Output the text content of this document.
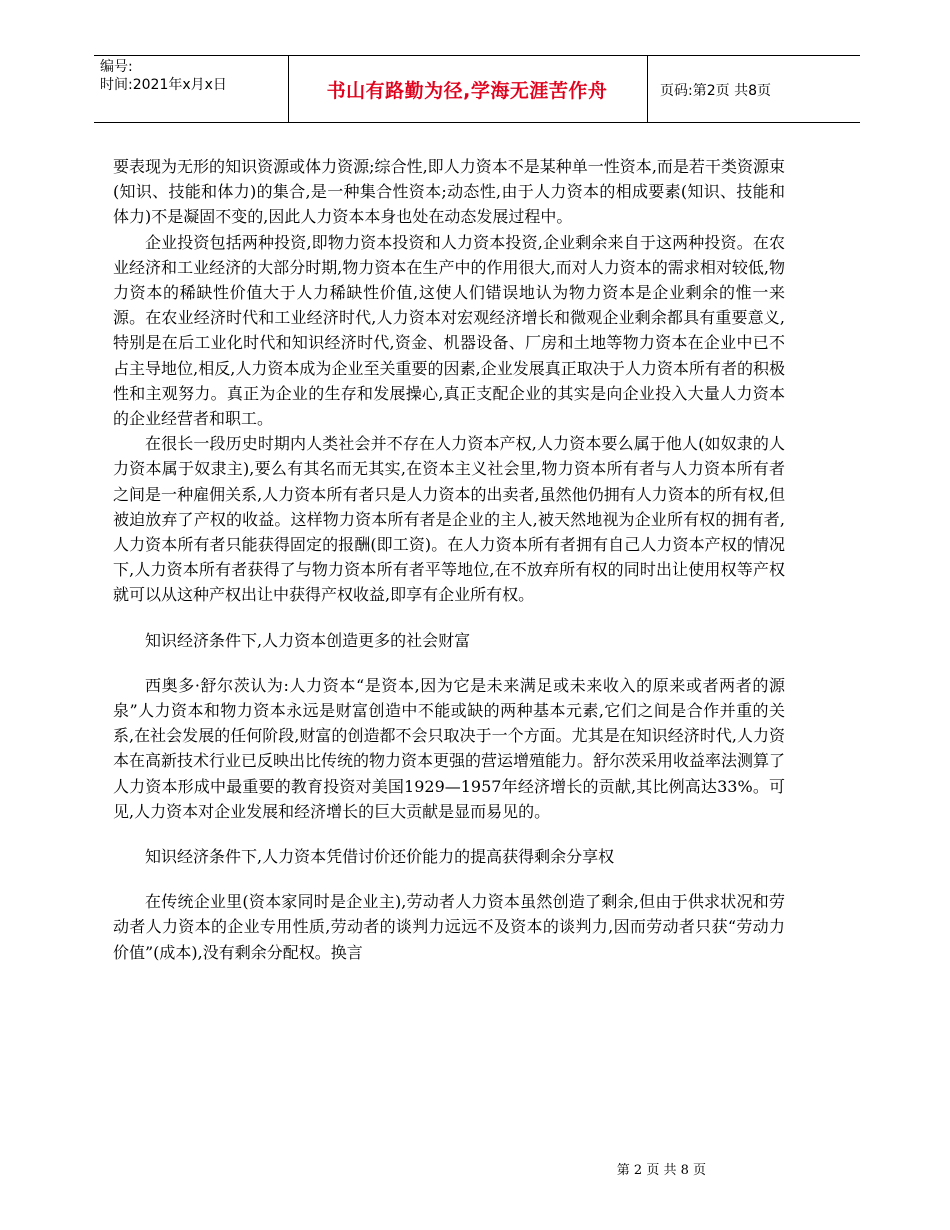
编号:
时间:2021年x月x日	书山有路勤为径,学海无涯苦作舟	页码:第2页 共8页

要表现为无形的知识资源或体力资源;综合性,即人力资本不是某种单一性资本,而是若干类资源束(知识、技能和体力)的集合,是一种集合性资本;动态性,由于人力资本的相成要素(知识、技能和体力)不是凝固不变的,因此人力资本本身也处在动态发展过程中。

企业投资包括两种投资,即物力资本投资和人力资本投资,企业剩余来自于这两种投资。在农业经济和工业经济的大部分时期,物力资本在生产中的作用很大,而对人力资本的需求相对较低,物力资本的稀缺性价值大于人力稀缺性价值,这使人们错误地认为物力资本是企业剩余的惟一来源。在农业经济时代和工业经济时代,人力资本对宏观经济增长和微观企业剩余都具有重要意义,特别是在后工业化时代和知识经济时代,资金、机器设备、厂房和土地等物力资本在企业中已不占主导地位,相反,人力资本成为企业至关重要的因素,企业发展真正取决于人力资本所有者的积极性和主观努力。真正为企业的生存和发展操心,真正支配企业的其实是向企业投入大量人力资本的企业经营者和职工。

在很长一段历史时期内人类社会并不存在人力资本产权,人力资本要么属于他人(如奴隶的人力资本属于奴隶主),要么有其名而无其实,在资本主义社会里,物力资本所有者与人力资本所有者之间是一种雇佣关系,人力资本所有者只是人力资本的出卖者,虽然他仍拥有人力资本的所有权,但被迫放弃了产权的收益。这样物力资本所有者是企业的主人,被天然地视为企业所有权的拥有者,人力资本所有者只能获得固定的报酬(即工资)。在人力资本所有者拥有自己人力资本产权的情况下,人力资本所有者获得了与物力资本所有者平等地位,在不放弃所有权的同时出让使用权等产权就可以从这种产权出让中获得产权收益,即享有企业所有权。

知识经济条件下,人力资本创造更多的社会财富

西奥多·舒尔茨认为:人力资本“是资本,因为它是未来满足或未来收入的原来或者两者的源泉”人力资本和物力资本永远是财富创造中不能或缺的两种基本元素,它们之间是合作并重的关系,在社会发展的任何阶段,财富的创造都不会只取决于一个方面。尤其是在知识经济时代,人力资本在高新技术行业已反映出比传统的物力资本更强的营运增殖能力。舒尔茨采用收益率法测算了人力资本形成中最重要的教育投资对美国1929—1957年经济增长的贡献,其比例高达33%。可见,人力资本对企业发展和经济增长的巨大贡献是显而易见的。

知识经济条件下,人力资本凭借讨价还价能力的提高获得剩余分享权

在传统企业里(资本家同时是企业主),劳动者人力资本虽然创造了剩余,但由于供求状况和劳动者人力资本的企业专用性质,劳动者的谈判力远远不及资本的谈判力,因而劳动者只获“劳动力价值”(成本),没有剩余分配权。换言

第 2 页 共 8 页
